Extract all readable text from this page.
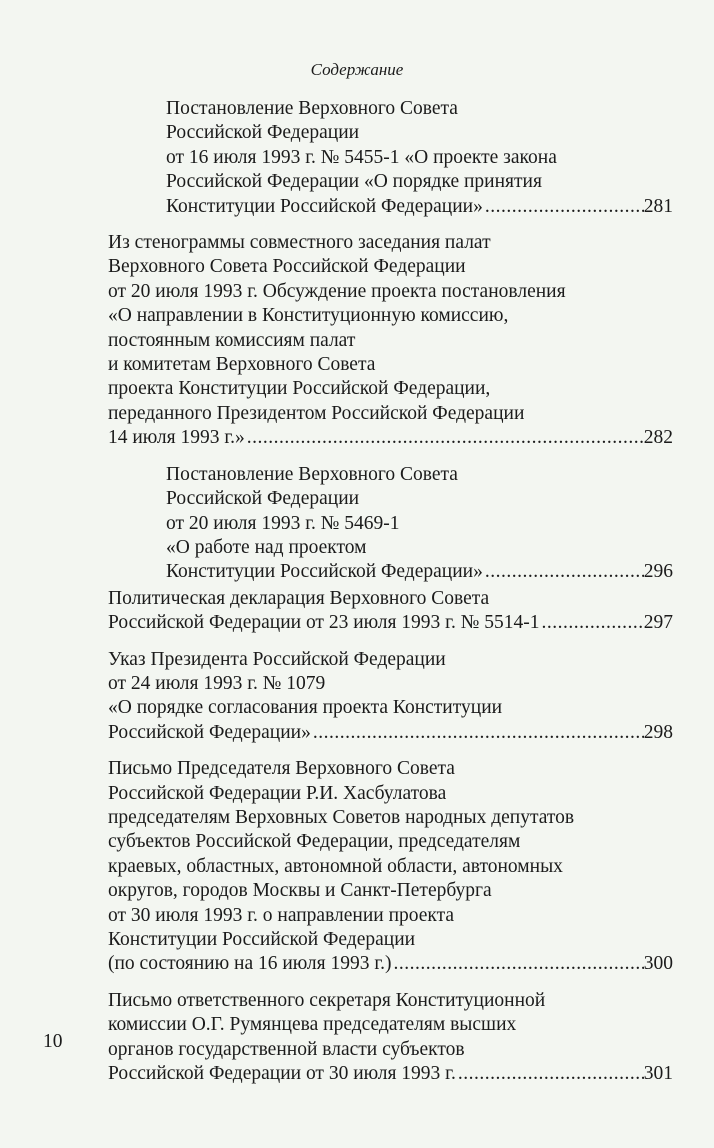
Содержание
Постановление Верховного Совета
Российской Федерации
от 16 июля 1993 г. № 5455-1 «О проекте закона
Российской Федерации «О порядке принятия
Конституции Российской Федерации» .....	281
Из стенограммы совместного заседания палат
Верховного Совета Российской Федерации
от 20 июля 1993 г. Обсуждение проекта постановления
«О направлении в Конституционную комиссию,
постоянным комиссиям палат
и комитетам Верховного Совета
проекта Конституции Российской Федерации,
переданного Президентом Российской Федерации
14 июля 1993 г.» .....	282
Постановление Верховного Совета
Российской Федерации
от 20 июля 1993 г. № 5469-1
«О работе над проектом
Конституции Российской Федерации» .....	296
Политическая декларация Верховного Совета
Российской Федерации от 23 июля 1993 г. № 5514-1 .....	297
Указ Президента Российской Федерации
от 24 июля 1993 г. № 1079
«О порядке согласования проекта Конституции
Российской Федерации» .....	298
Письмо Председателя Верховного Совета
Российской Федерации Р.И. Хасбулатова
председателям Верховных Советов народных депутатов
субъектов Российской Федерации, председателям
краевых, областных, автономной области, автономных
округов, городов Москвы и Санкт-Петербурга
от 30 июля 1993 г. о направлении проекта
Конституции Российской Федерации
(по состоянию на 16 июля 1993 г.) .....	300
Письмо ответственного секретаря Конституционной
комиссии О.Г. Румянцева председателям высших
органов государственной власти субъектов
Российской Федерации от 30 июля 1993 г. .....	301
10
